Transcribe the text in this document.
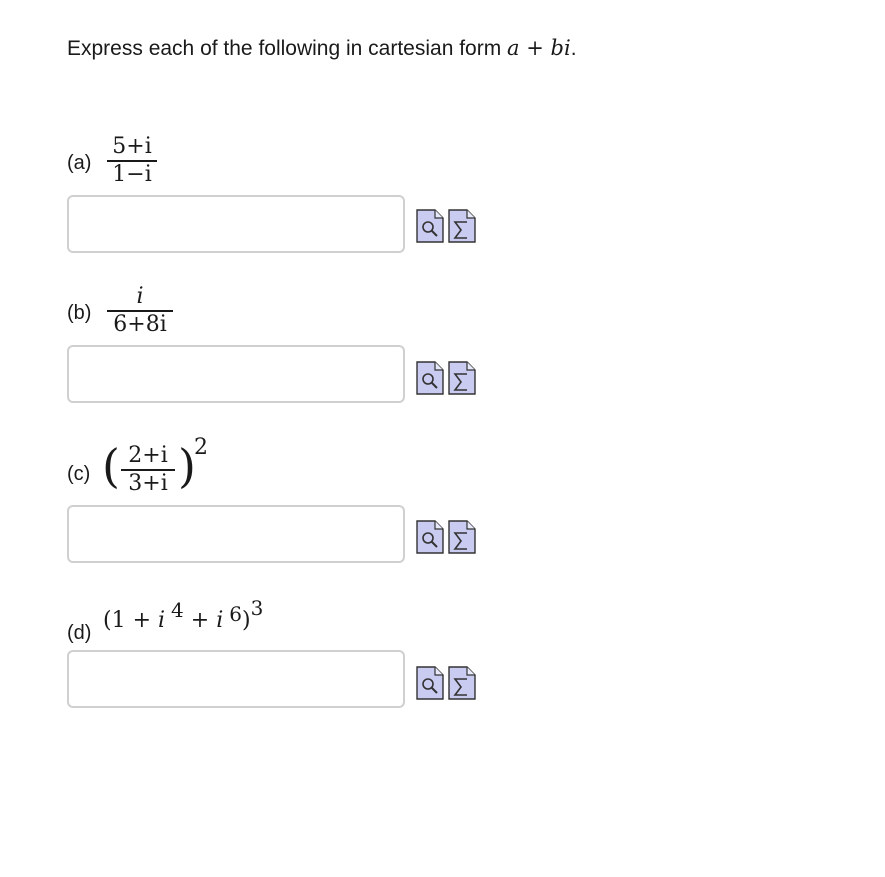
Express each of the following in cartesian form a + bi.
(a)
5+i
1−i
(b)
i
6+8i
(c) ( 2+i
3+i )
2
(d) (1 + i 4 + i 6)3
